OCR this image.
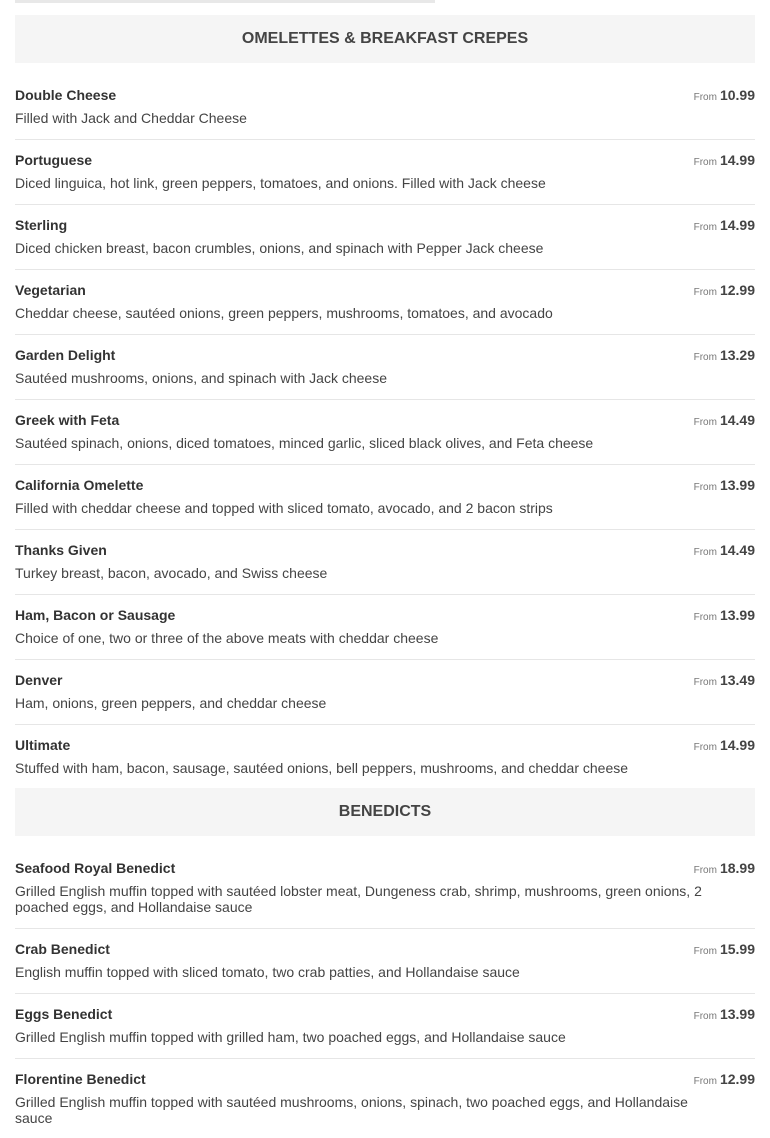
OMELETTES & BREAKFAST CREPES
Double Cheese	From 10.99
Filled with Jack and Cheddar Cheese
Portuguese	From 14.99
Diced linguica, hot link, green peppers, tomatoes, and onions. Filled with Jack cheese
Sterling	From 14.99
Diced chicken breast, bacon crumbles, onions, and spinach with Pepper Jack cheese
Vegetarian	From 12.99
Cheddar cheese, sautéed onions, green peppers, mushrooms, tomatoes, and avocado
Garden Delight	From 13.29
Sautéed mushrooms, onions, and spinach with Jack cheese
Greek with Feta	From 14.49
Sautéed spinach, onions, diced tomatoes, minced garlic, sliced black olives, and Feta cheese
California Omelette	From 13.99
Filled with cheddar cheese and topped with sliced tomato, avocado, and 2 bacon strips
Thanks Given	From 14.49
Turkey breast, bacon, avocado, and Swiss cheese
Ham, Bacon or Sausage	From 13.99
Choice of one, two or three of the above meats with cheddar cheese
Denver	From 13.49
Ham, onions, green peppers, and cheddar cheese
Ultimate	From 14.99
Stuffed with ham, bacon, sausage, sautéed onions, bell peppers, mushrooms, and cheddar cheese
BENEDICTS
Seafood Royal Benedict	From 18.99
Grilled English muffin topped with sautéed lobster meat, Dungeness crab, shrimp, mushrooms, green onions, 2 poached eggs, and Hollandaise sauce
Crab Benedict	From 15.99
English muffin topped with sliced tomato, two crab patties, and Hollandaise sauce
Eggs Benedict	From 13.99
Grilled English muffin topped with grilled ham, two poached eggs, and Hollandaise sauce
Florentine Benedict	From 12.99
Grilled English muffin topped with sautéed mushrooms, onions, spinach, two poached eggs, and Hollandaise sauce
